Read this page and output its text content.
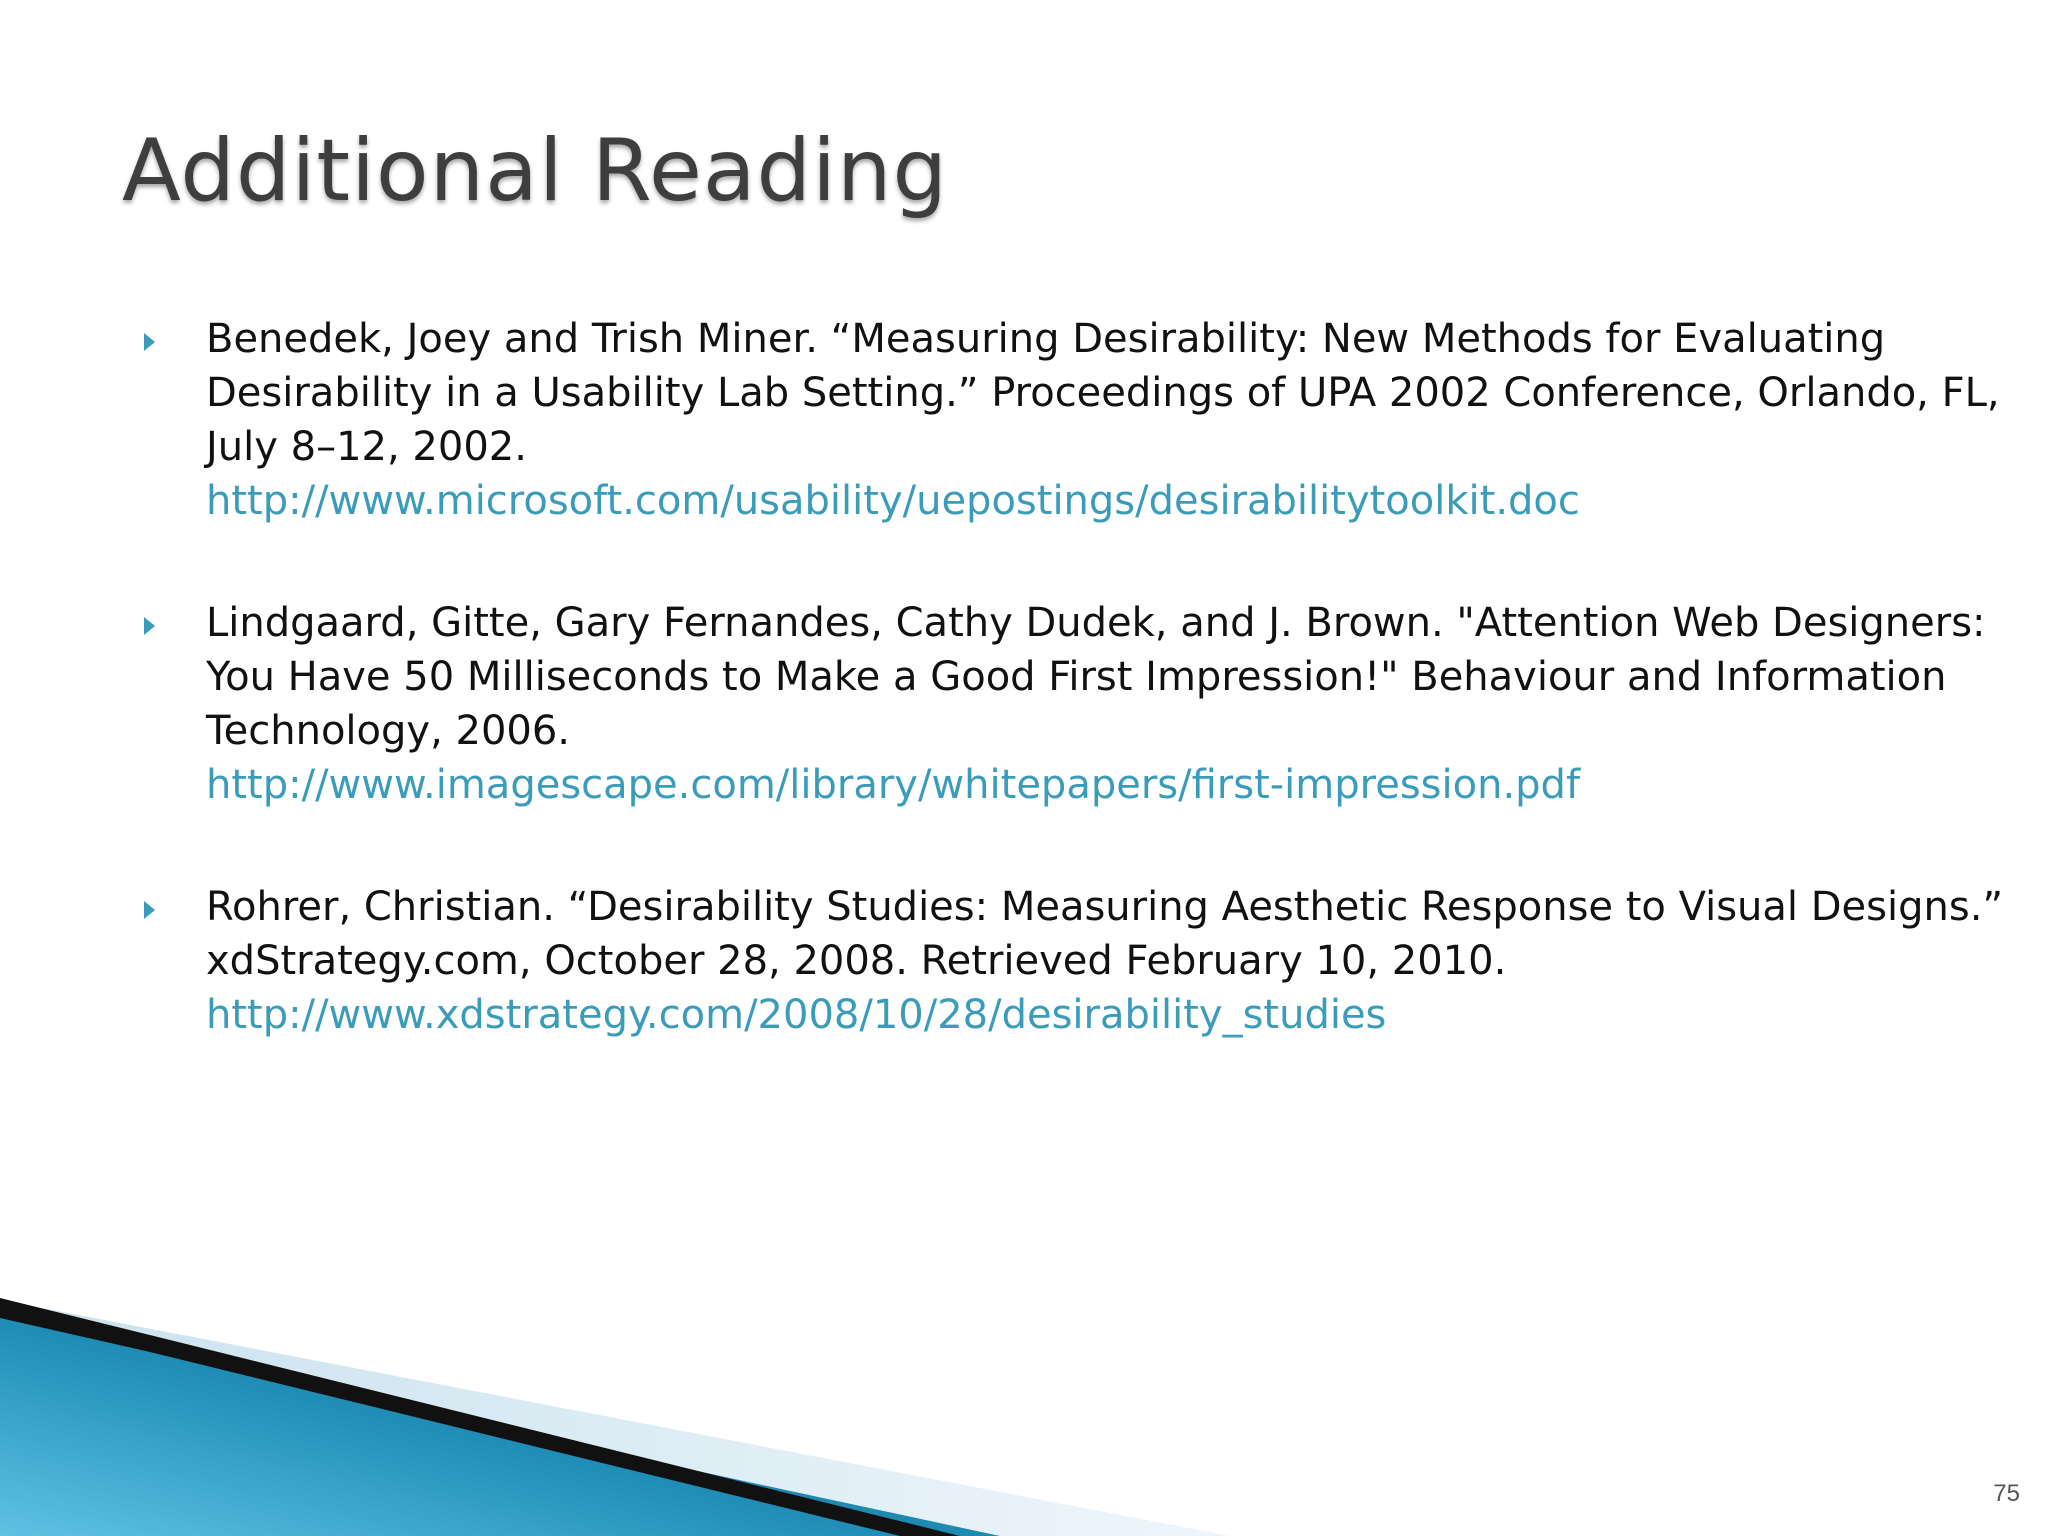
Additional Reading
Benedek, Joey and Trish Miner. “Measuring Desirability: New Methods for Evaluating Desirability in a Usability Lab Setting.” Proceedings of UPA 2002 Conference, Orlando, FL, July 8–12, 2002.
http://www.microsoft.com/usability/uepostings/desirabilitytoolkit.doc
Lindgaard, Gitte, Gary Fernandes, Cathy Dudek, and J. Brown. "Attention Web Designers: You Have 50 Milliseconds to Make a Good First Impression!" Behaviour and Information Technology, 2006.
http://www.imagescape.com/library/whitepapers/first-impression.pdf
Rohrer, Christian. “Desirability Studies: Measuring Aesthetic Response to Visual Designs.” xdStrategy.com, October 28, 2008. Retrieved February 10, 2010.http://www.xdstrategy.com/2008/10/28/desirability_studies
75
